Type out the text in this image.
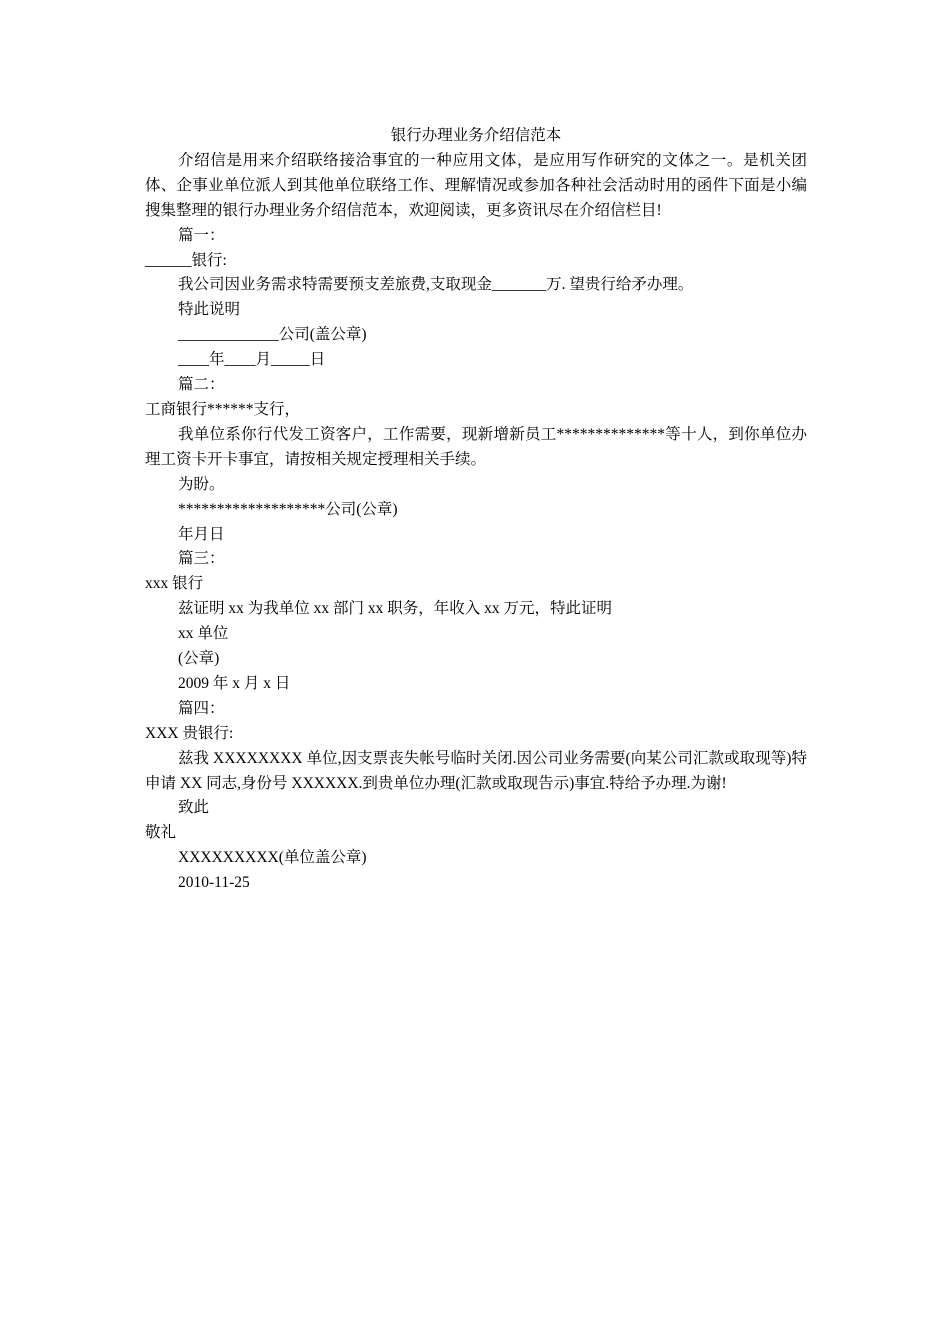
银行办理业务介绍信范本

介绍信是用来介绍联络接洽事宜的一种应用文体，是应用写作研究的文体之一。是机关团体、企事业单位派人到其他单位联络工作、理解情况或参加各种社会活动时用的函件下面是小编搜集整理的银行办理业务介绍信范本，欢迎阅读，更多资讯尽在介绍信栏目!

篇一：

______银行:

我公司因业务需求特需要预支差旅费,支取现金_______万. 望贵行给矛办理。

特此说明

_____________公司(盖公章)

____年____月_____日

篇二：

工商银行******支行，

我单位系你行代发工资客户，工作需要，现新增新员工**************等十人，到你单位办理工资卡开卡事宜，请按相关规定授理相关手续。

为盼。

*******************公司(公章)

年月日

篇三：

xxx 银行

兹证明 xx 为我单位 xx 部门 xx 职务，年收入 xx 万元，特此证明

xx 单位

(公章)

2009 年 x 月 x 日

篇四：

XXX 贵银行:

兹我 XXXXXXXX 单位,因支票丧失帐号临时关闭.因公司业务需要(向某公司汇款或取现等)特申请 XX 同志,身份号 XXXXXX.到贵单位办理(汇款或取现告示)事宜.特给予办理.为谢!

致此

敬礼

XXXXXXXXX(单位盖公章)

2010-11-25
